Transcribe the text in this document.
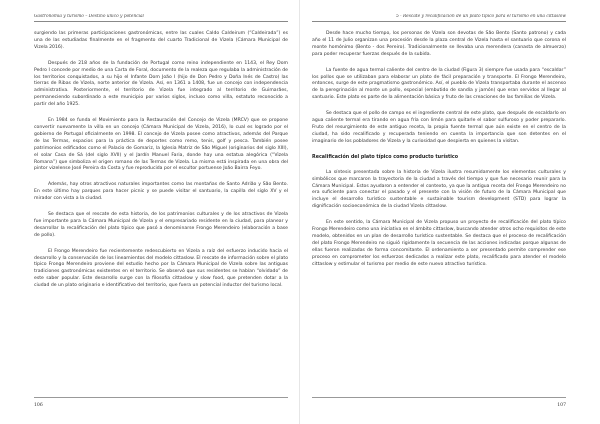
Gastronomía y turismo – Destino único y potencial

surgiendo las primeras participaciones gastronómicas, entre las cuales Caldo Caldeirum (“Caldeirada”) es una de las estudiadas finalmente en el fragmento del cuarto Tradicional de Vizela (Cámara Municipal de Vizela 2016).

Después de 218 años de la fundación de Portugal como reino independiente en 1143, el Rey Dom Pedro I concede por medio de una Carta de Foral, documento de la realeza que regulaba la administración de los territorios conquistados, a su hijo el Infante Dom João I (hijo de Don Pedro y Doña Inés de Castro) las tierras de Ribas de Vizela, norte anterior de Vizela. Así, en 1361 a 1408, fue un concejo con independencia administrativa. Posteriormente, el territorio de Vizela fue integrado al territorio de Guimarães, permaneciendo subordinado a este municipio por varios siglos, incluso como villa, estatuto reconocido a partir del año 1925.

En 1984 se funda el Movimiento para la Restauración del Concejo de Vizela (MRCV) que se propone convertir nuevamente la villa en un concejo (Cámara Municipal de Vizela, 2016), lo cual es logrado por el gobierno de Portugal oficialmente en 1998. El concejo de Vizela posee como atractivos, además del Parque de las Termas, espacios para la práctica de deportes como remo, tenis, golf y pesca. También posee patrimonios edificados como el Palacio de Gomariz, la Iglesia Matriz de São Miguel (originarios del siglo XIII), el solar Casa de Sá (del siglo XVII) y el Jardín Manuel Faria, donde hay una estatua alegórica (“Vizela Romana”) que simboliza el origen romano de las Termas de Vizela. La misma está inspirada en una obra del pintor vizelense José Pereira da Costa y fue reproducida por el escultor portuense João Bairra Feyo.

Además, hay otros atractivos naturales importantes como las montañas de Santo Adrião y São Bento. En este último hay parques para hacer picnic y se puede visitar el santuario, la capilla del siglo XV y el mirador con vista a la ciudad.

Se destaca que el rescate de esta historia, de los patrimonios culturales y de los atractivos de Vizela fue importante para la Cámara Municipal de Vizela y el empresariado residente en la ciudad, para planear y desarrollar la recalificación del plato típico que pasó a denominarse Frongo Merendeiro (elaboración a base de pollo).

El Frongo Merendeiro fue recientemente redescubierto en Vizela a raíz del esfuerzo inducido hacia el desarrollo y la conservación de los lineamientos del modelo cittaslow. El rescate de información sobre el plato típico Frongo Merendeiro proviene del estudio hecho por la Cámara Municipal de Vizela sobre las antiguas tradiciones gastronómicas existentes en el territorio. Se observó que sus residentes se habían “olvidado” de este saber popular. Este desarrollo surge con la filosofía cittaslow y slow food, que pretenden dotar a la ciudad de un plato originario e identificativo del territorio, que fuera un potencial inductor del turismo local.

106
5 · Rescate y recalificación de un plato típico para el turismo en una cittaslow

Desde hace mucho tiempo, los personas de Vizela son devotas de São Bento (Santo patrono) y cada año el 11 de Julio organizan una procesión desde la plaza central de Vizela hasta el santuario que corona el monte homónimo (Bento - dos Pereiro). Tradicionalmente se llevaba una merendera (canasta de almuerzo) para poder recuperar fuerzas después de la subida.

La fuente de agua termal caliente del centro de la ciudad (Figura 3) siempre fue usada para “escaldar” los pollos que se utilizaban para elaborar un plato de fácil preparación y transporte. El Frongo Merendeiro, entonces, surge de este pragmatismo gastronómico. Así, el pueblo de Vizela transportaba durante el ascenso de la peregrinación al monte un pollo, especial (embutido de sandía y jamón) que eran servidos al llegar al santuario. Este plato es parte de la alimentación básica y fruto de las creaciones de las familias de Vizela.

Se destaca que el pollo de campo es el ingrediente central de este plato, que después de escaldarlo en agua caliente termal era tirando en agua fría con limón para quitarle el sabor sulfuroso y poder prepararlo. Fruto del resurgimiento de este antiguo receta, la propia fuente termal que aún existe en el centro de la ciudad, ha sido recalificado y recuperada teniendo en cuenta la importancia que son detentes en el imaginario de los pobladores de Vizela y la curiosidad que despierta en quienes la visitan.

Recalificación del plato típico como producto turístico

La síntesis presentada sobre la historia de Vizela ilustra resumidamente los elementos culturales y simbólicos que marcaron la trayectoria de la ciudad a través del tiempo y que fue necesario reunir para la Cámara Municipal. Estos ayudaron a entender el contexto, ya que la antigua receta del Frongo Merendeiro no era suficiente para conectar el pasado y el presente con la visión de futuro de la Cámara Municipal que incluye el desarrollo turístico sustentable e sustainable tourism development (STD) para lograr la dignificación socioeconómica de la ciudad Vizela cittaslow.

En este sentido, la Cámara Municipal de Vizela propuso un proyecto de recalificación del plato típico Frongo Merendeiro como una iniciativa en el ámbito cittaslow, buscando atender otros ocho requisitos de este modelo, obtenidos en un plan de desarrollo turístico sustentable. Se destaca que el proceso de recalificación del plato Frongo Merendeiro no siguió rigidamente la secuencia de las acciones indicadas porque algunas de ellas fueron realizadas de forma concomitante. El ordenamiento a ser presentado permite comprender ese proceso en comprometer los esfuerzos dedicados a realizar este plato, recalificado para atender el modelo cittaslow y estimular el turismo por medio de este nuevo atractivo turístico.

107
